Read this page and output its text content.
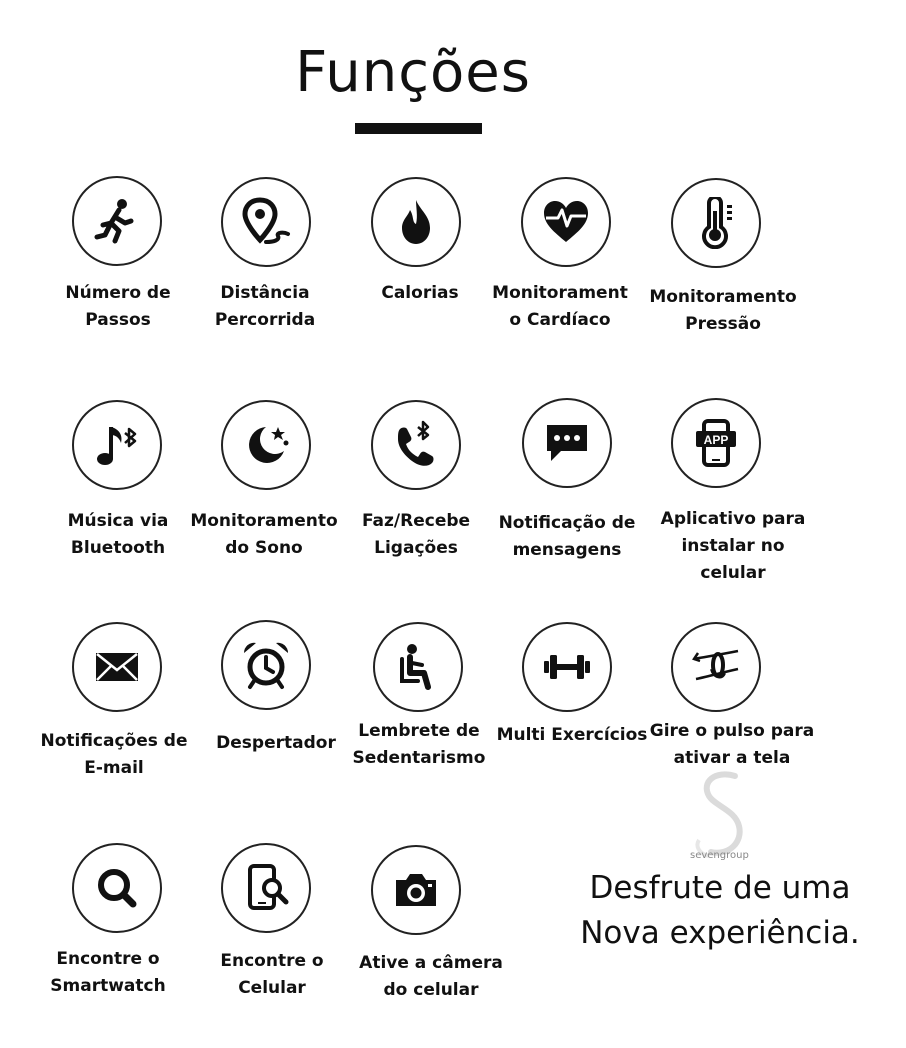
Funções
Número de
Passos
Distância
Percorrida
Calorias	Monitorament
o Cardíaco
Monitoramento
Pressão
Música via
Bluetooth
Monitoramento
do Sono
Faz/Recebe
Ligações
Notificação de
mensagens
APP
Aplicativo para
instalar no celular
Notificações de
E-mail
Despertador
Lembrete de
Sedentarismo
Multi Exercícios Gire o pulso para
ativar a tela
Encontre o
Smartwatch
Encontre o
Celular
Ative a câmera
do celular
Desfrute de uma
Nova experiência.
sevengroup
